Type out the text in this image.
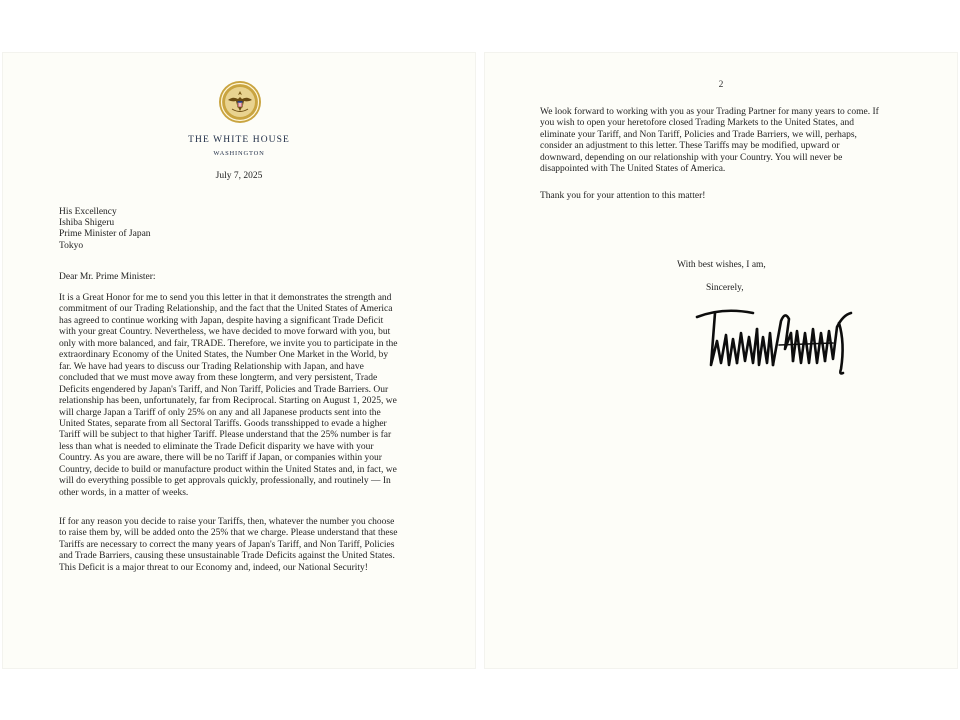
THE WHITE HOUSE
WASHINGTON
July 7, 2025
His Excellency
Ishiba Shigeru
Prime Minister of Japan
Tokyo
Dear Mr. Prime Minister:
It is a Great Honor for me to send you this letter in that it demonstrates the strength and
commitment of our Trading Relationship, and the fact that the United States of America
has agreed to continue working with Japan, despite having a significant Trade Deficit
with your great Country. Nevertheless, we have decided to move forward with you, but
only with more balanced, and fair, TRADE. Therefore, we invite you to participate in the
extraordinary Economy of the United States, the Number One Market in the World, by
far. We have had years to discuss our Trading Relationship with Japan, and have
concluded that we must move away from these longterm, and very persistent, Trade
Deficits engendered by Japan's Tariff, and Non Tariff, Policies and Trade Barriers. Our
relationship has been, unfortunately, far from Reciprocal. Starting on August 1, 2025, we
will charge Japan a Tariff of only 25% on any and all Japanese products sent into the
United States, separate from all Sectoral Tariffs. Goods transshipped to evade a higher
Tariff will be subject to that higher Tariff. Please understand that the 25% number is far
less than what is needed to eliminate the Trade Deficit disparity we have with your
Country. As you are aware, there will be no Tariff if Japan, or companies within your
Country, decide to build or manufacture product within the United States and, in fact, we
will do everything possible to get approvals quickly, professionally, and routinely — In
other words, in a matter of weeks.
If for any reason you decide to raise your Tariffs, then, whatever the number you choose
to raise them by, will be added onto the 25% that we charge. Please understand that these
Tariffs are necessary to correct the many years of Japan's Tariff, and Non Tariff, Policies
and Trade Barriers, causing these unsustainable Trade Deficits against the United States.
This Deficit is a major threat to our Economy and, indeed, our National Security!
2
We look forward to working with you as your Trading Partner for many years to come. If
you wish to open your heretofore closed Trading Markets to the United States, and
eliminate your Tariff, and Non Tariff, Policies and Trade Barriers, we will, perhaps,
consider an adjustment to this letter. These Tariffs may be modified, upward or
downward, depending on our relationship with your Country. You will never be
disappointed with The United States of America.
Thank you for your attention to this matter!
With best wishes, I am,
Sincerely,
